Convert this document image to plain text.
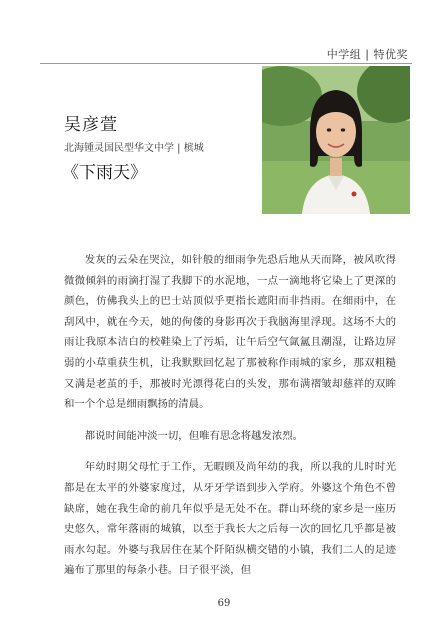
中学组 | 特优奖
吴彦萱
北海锺灵国民型华文中学 | 槟城
《下雨天》

发灰的云朵在哭泣，如针般的细雨争先恐后地从天而降，被风吹得微微倾斜的雨滴打湿了我脚下的水泥地，一点一滴地将它染上了更深的颜色，仿佛我头上的巴士站顶似乎更指长遮阳而非挡雨。在细雨中，在刮风中，就在今天，她的佝偻的身影再次于我脑海里浮现。这场不大的雨让我原本洁白的校鞋染上了污垢，让午后空气氤氲且潮湿，让路边屏弱的小草重获生机，让我默默回忆起了那被称作雨城的家乡，那双粗糙又满是老茧的手，那被时光漂得花白的头发，那布满褶皱却慈祥的双眸和一个个总是细雨飘扬的清晨。

都说时间能冲淡一切，但唯有思念将越发浓烈。

年幼时期父母忙于工作，无暇顾及尚年幼的我，所以我的儿时时光都是在太平的外婆家度过，从牙牙学语到步入学府。外婆这个角色不曾缺席，她在我生命的前几年似乎是无处不在。群山环绕的家乡是一座历史悠久，常年落雨的城镇，以至于我长大之后每一次的回忆几乎都是被雨水勾起。外婆与我居住在某个阡陌纵横交错的小镇，我们二人的足迹遍布了那里的每条小巷。日子很平淡，但

69
